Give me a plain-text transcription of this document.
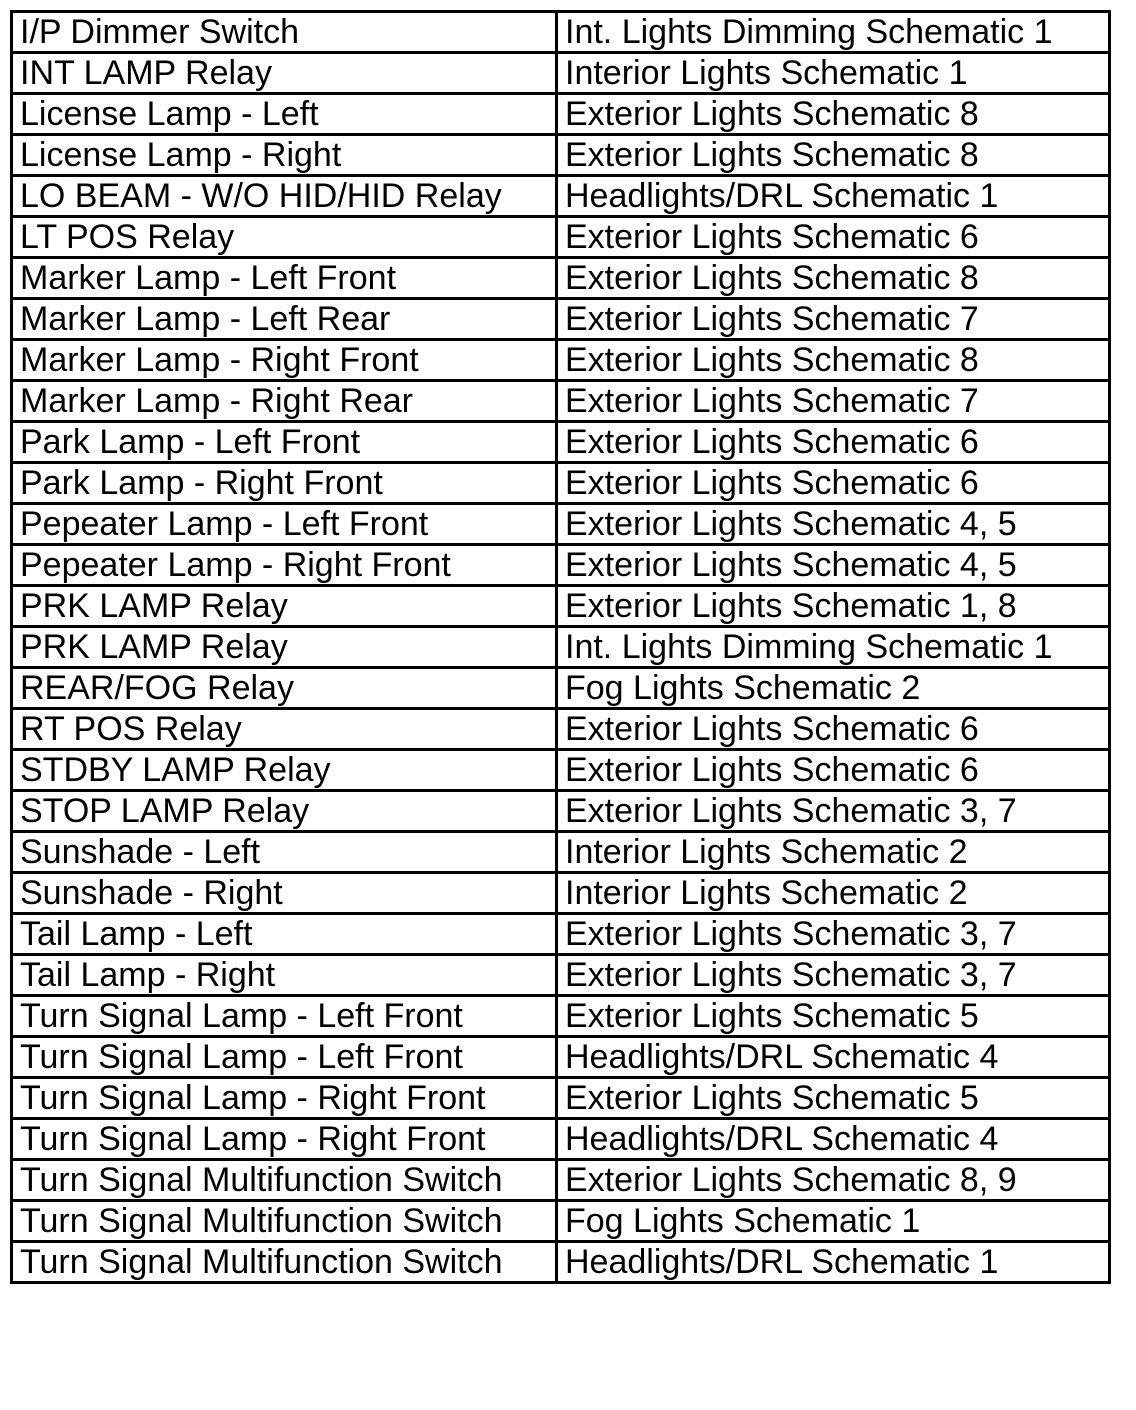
I/P Dimmer Switch	Int. Lights Dimming Schematic 1
INT LAMP Relay	Interior Lights Schematic 1
License Lamp - Left	Exterior Lights Schematic 8
License Lamp - Right	Exterior Lights Schematic 8
LO BEAM - W/O HID/HID Relay	Headlights/DRL Schematic 1
LT POS Relay	Exterior Lights Schematic 6
Marker Lamp - Left Front	Exterior Lights Schematic 8
Marker Lamp - Left Rear	Exterior Lights Schematic 7
Marker Lamp - Right Front	Exterior Lights Schematic 8
Marker Lamp - Right Rear	Exterior Lights Schematic 7
Park Lamp - Left Front	Exterior Lights Schematic 6
Park Lamp - Right Front	Exterior Lights Schematic 6
Pepeater Lamp - Left Front	Exterior Lights Schematic 4, 5
Pepeater Lamp - Right Front	Exterior Lights Schematic 4, 5
PRK LAMP Relay	Exterior Lights Schematic 1, 8
PRK LAMP Relay	Int. Lights Dimming Schematic 1
REAR/FOG Relay	Fog Lights Schematic 2
RT POS Relay	Exterior Lights Schematic 6
STDBY LAMP Relay	Exterior Lights Schematic 6
STOP LAMP Relay	Exterior Lights Schematic 3, 7
Sunshade - Left	Interior Lights Schematic 2
Sunshade - Right	Interior Lights Schematic 2
Tail Lamp - Left	Exterior Lights Schematic 3, 7
Tail Lamp - Right	Exterior Lights Schematic 3, 7
Turn Signal Lamp - Left Front	Exterior Lights Schematic 5
Turn Signal Lamp - Left Front	Headlights/DRL Schematic 4
Turn Signal Lamp - Right Front	Exterior Lights Schematic 5
Turn Signal Lamp - Right Front	Headlights/DRL Schematic 4
Turn Signal Multifunction Switch	Exterior Lights Schematic 8, 9
Turn Signal Multifunction Switch	Fog Lights Schematic 1
Turn Signal Multifunction Switch	Headlights/DRL Schematic 1
